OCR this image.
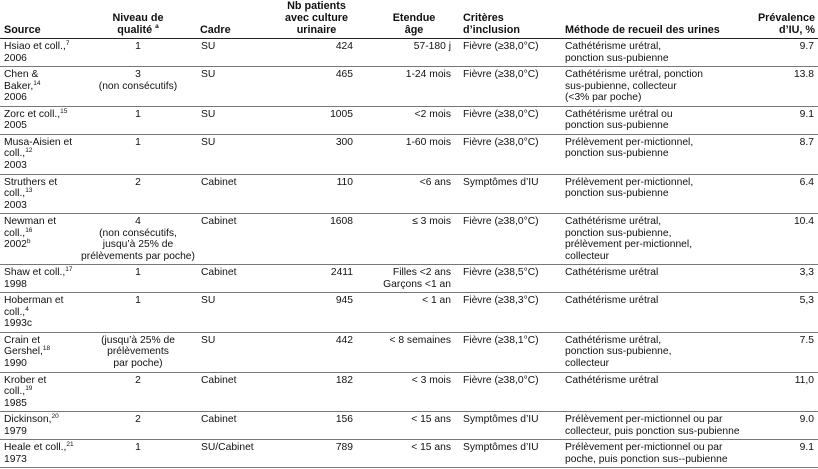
Source	Niveau de
qualité $^a$	Cadre	Nb patients
avec culture urinaire	Etendue
âge	Critères d’inclusion	Méthode de recueil des urines	Prévalence
d’IU, %

Hsiao et coll.,$^7$
2006	1	SU	424	57-180 j	Fièvre (≥38,0°C)	Cathétérisme urétral,
ponction sus-pubienne	9.7

Chen &
Baker,$^{14}$
2006	3
(non consécutifs)	SU	465	1-24 mois	Fièvre (≥38,0°C)	Cathétérisme urétral, ponction
sus-pubienne, collecteur
(<3% par poche)	13.8

Zorc et coll.,$^{15}$
2005	1	SU	1005	<2 mois	Fièvre (≥38,0°C)	Cathétérisme urétral ou
ponction sus-pubienne	9.1

Musa-Aisien et
coll.,$^{12}$
2003	1	SU	300	1-60 mois	Fièvre (≥38,0°C)	Prélèvement per-mictionnel,
ponction sus-pubienne	8.7

Struthers et
coll.,$^{13}$
2003	2	Cabinet	110	<6 ans	Symptômes d’IU	Prélèvement per-mictionnel,
ponction sus-pubienne	6.4

Newman et
coll.,$^{16}$
2002$^b$	4
(non consécutifs,
jusqu’à 25% de
prélèvements par poche)	Cabinet	1608	≤ 3 mois	Fièvre (≥38,0°C)	Cathétérisme urétral,
ponction sus-pubienne,
prélèvement per-mictionnel,
collecteur	10.4

Shaw et coll.,$^{17}$
1998	1	Cabinet	2411	Filles <2 ans
Garçons <1 an	Fièvre (≥38,5°C)	Cathétérisme urétral	3,3

Hoberman et
coll.,$^4$
1993c	1	SU	945	< 1 an	Fièvre (≥38,3°C)	Cathétérisme urétral	5,3

Crain et
Gershel,$^{18}$
1990	(jusqu’à 25% de
prélèvements
par poche)	SU	442	< 8 semaines	Fièvre (≥38,1°C)	Cathétérisme urétral,
ponction sus-pubienne,
collecteur	7.5

Krober et coll.,$^{19}$
1985	2	Cabinet	182	< 3 mois	Fièvre (≥38,0°C)	Cathétérisme urétral	11,0

Dickinson,$^{20}$
1979	2	Cabinet	156	< 15 ans	Symptômes d’IU	Prélèvement per-mictionnel ou par
collecteur, puis ponction sus-pubienne	9.0

Heale et coll.,$^{21}$
1973	1	SU/Cabinet	789	< 15 ans	Symptômes d’IU	Prélèvement per-mictionnel ou par
poche, puis ponction sus--pubienne	9.1
